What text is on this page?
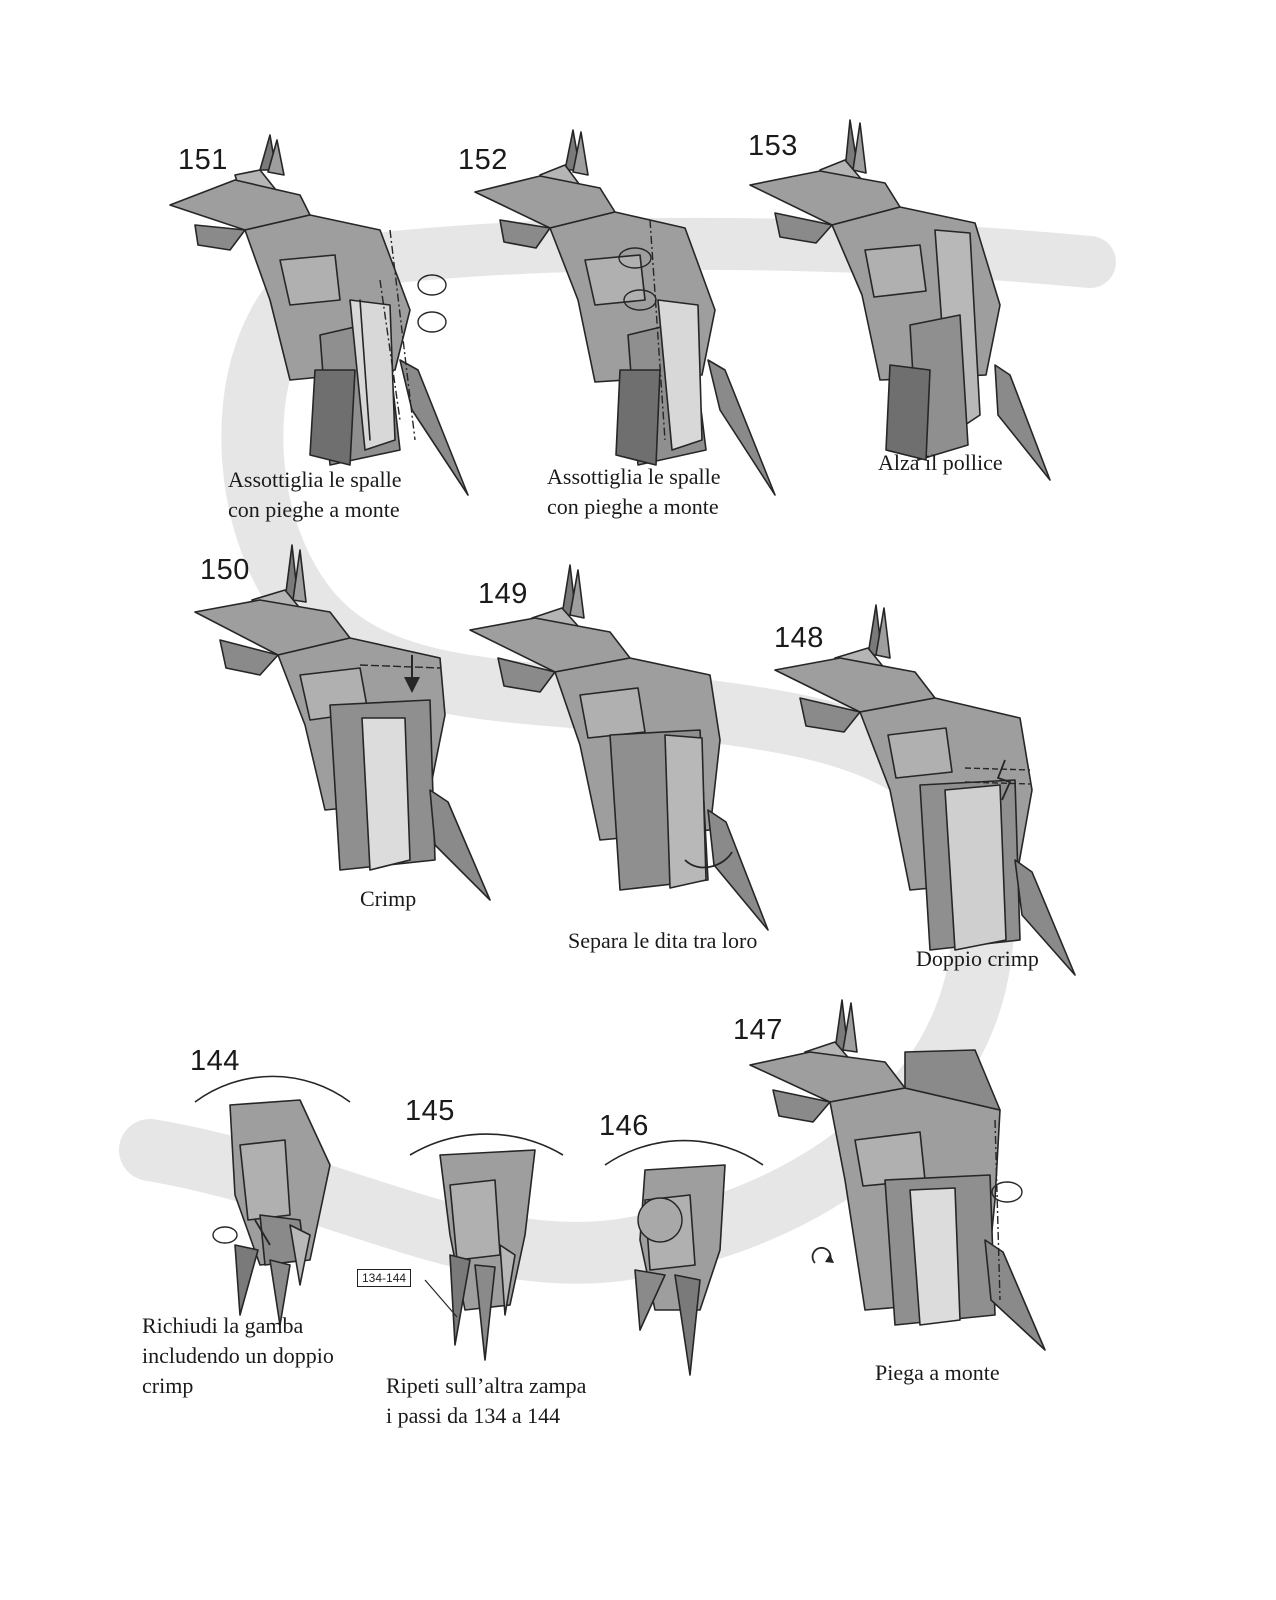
151
Assottiglia le spalle
con pieghe a monte
152
Assottiglia le spalle
con pieghe a monte
153
Alza il pollice
150
Crimp
149
Separa le dita tra loro
148
Doppio crimp
144
Richiudi la gamba
includendo un doppio
crimp
145
134-144
Ripeti sull’altra zampa
i passi da 134 a 144
146
147
Piega a monte
